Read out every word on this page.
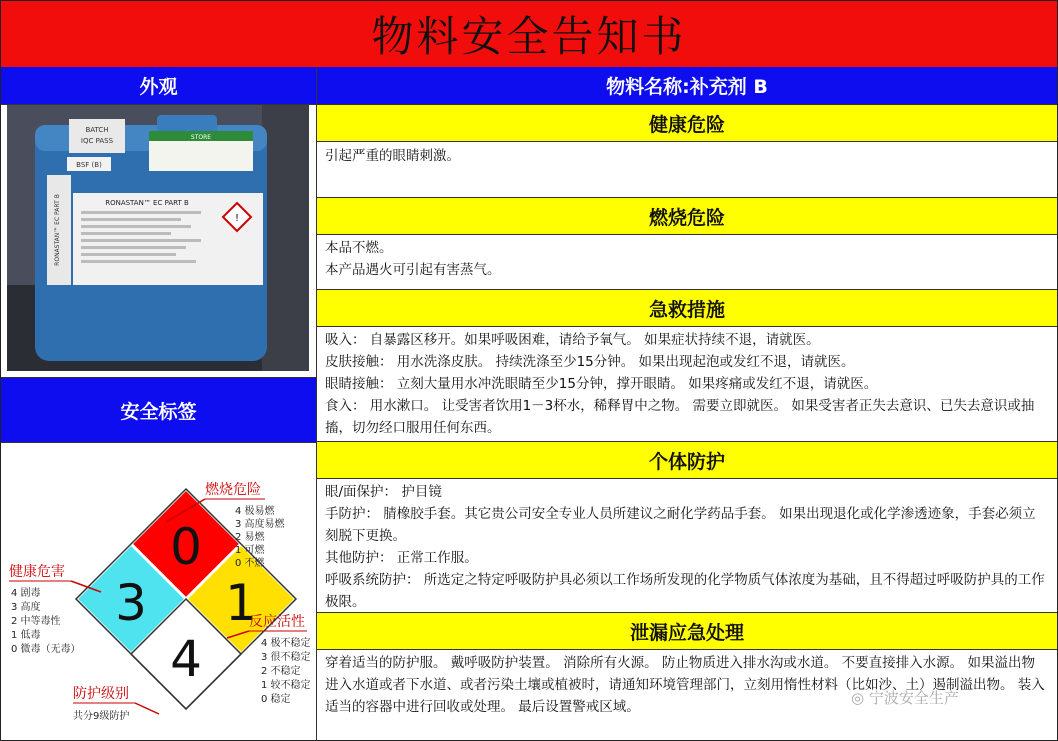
物料安全告知书
外观	物料名称:补充剂 B
BATCH
IQC PASS
BSF (B)
STORE
RONASTAN™ EC PART B	RONASTAN™ EC PART B
!
安全标签
0
3 1
4
燃烧危险
4 极易燃
3 高度易燃
2 易燃
1 可燃
0 不燃
健康危害
4 剧毒
3 高度
2 中等毒性
1 低毒
0 微毒（无毒）
反应活性
4 极不稳定
3 很不稳定
2 不稳定
1 较不稳定
0 稳定
防护级别
共分9级防护
健康危险

引起严重的眼睛刺激。

燃烧危险

本品不燃。

本产品遇火可引起有害蒸气。

急救措施

吸入： 自暴露区移开。如果呼吸困难，请给予氧气。 如果症状持续不退，请就医。

皮肤接触： 用水洗涤皮肤。 持续洗涤至少15分钟。 如果出现起泡或发红不退，请就医。

眼睛接触： 立刻大量用水冲洗眼睛至少15分钟，撑开眼睛。 如果疼痛或发红不退，请就医。

食入： 用水漱口。 让受害者饮用1－3杯水，稀释胃中之物。 需要立即就医。 如果受害者正失去意识、已失去意识或抽搐，切勿经口服用任何东西。

个体防护

眼/面保护： 护目镜

手防护： 腈橡胶手套。其它贵公司安全专业人员所建议之耐化学药品手套。 如果出现退化或化学渗透迹象，手套必须立刻脱下更换。

其他防护： 正常工作服。

呼吸系统防护： 所选定之特定呼吸防护具必须以工作场所发现的化学物质气体浓度为基础，且不得超过呼吸防护具的工作极限。

泄漏应急处理

穿着适当的防护服。 戴呼吸防护装置。 消除所有火源。 防止物质进入排水沟或水道。 不要直接排入水源。 如果溢出物进入水道或者下水道、或者污染土壤或植被时，请通知环境管理部门，立刻用惰性材料（比如沙、土）遏制溢出物。 装入适当的容器中进行回收或处理。 最后设置警戒区域。	◎ 宁波安全生产
